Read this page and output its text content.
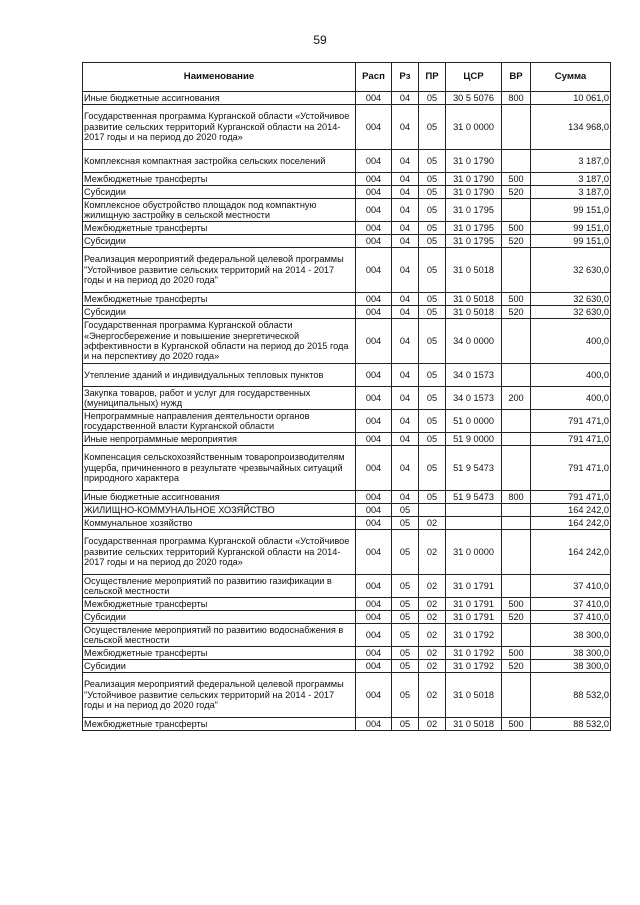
59
Наименование	Расп	Рз	ПР	ЦСР	ВР	Сумма
Иные бюджетные ассигнования	004	04	05	30 5 5076	800	10 061,0
Государственная программа Курганской области «Устойчивое развитие сельских территорий Курганской области на 2014-2017 годы и на период до 2020 года»	004	04	05	31 0 0000		134 968,0
Комплексная компактная застройка сельских поселений	004	04	05	31 0 1790		3 187,0
Межбюджетные трансферты	004	04	05	31 0 1790	500	3 187,0
Субсидии	004	04	05	31 0 1790	520	3 187,0
Комплексное обустройство площадок под компактную жилищную застройку в сельской местности	004	04	05	31 0 1795		99 151,0
Межбюджетные трансферты	004	04	05	31 0 1795	500	99 151,0
Субсидии	004	04	05	31 0 1795	520	99 151,0
Реализация мероприятий федеральной целевой программы "Устойчивое развитие сельских территорий на 2014 - 2017 годы и на период до 2020 года"	004	04	05	31 0 5018		32 630,0
Межбюджетные трансферты	004	04	05	31 0 5018	500	32 630,0
Субсидии	004	04	05	31 0 5018	520	32 630,0
Государственная программа Курганской области «Энергосбережение и повышение энергетической эффективности в Курганской области на период до 2015 года и на перспективу до 2020 года»	004	04	05	34 0 0000		400,0
Утепление зданий и индивидуальных тепловых пунктов	004	04	05	34 0 1573		400,0
Закупка товаров, работ и услуг для государственных (муниципальных) нужд	004	04	05	34 0 1573	200	400,0
Непрограммные направления деятельности органов государственной власти Курганской области	004	04	05	51 0 0000		791 471,0
Иные непрограммные мероприятия	004	04	05	51 9 0000		791 471,0
Компенсация сельскохозяйственным товаропроизводителям ущерба, причиненного в результате чрезвычайных ситуаций природного характера	004	04	05	51 9 5473		791 471,0
Иные бюджетные ассигнования	004	04	05	51 9 5473	800	791 471,0
ЖИЛИЩНО-КОММУНАЛЬНОЕ ХОЗЯЙСТВО	004	05				164 242,0
Коммунальное хозяйство	004	05	02			164 242,0
Государственная программа Курганской области «Устойчивое развитие сельских территорий Курганской области на 2014-2017 годы и на период до 2020 года»	004	05	02	31 0 0000		164 242,0
Осуществление мероприятий по развитию газификации в сельской местности	004	05	02	31 0 1791		37 410,0
Межбюджетные трансферты	004	05	02	31 0 1791	500	37 410,0
Субсидии	004	05	02	31 0 1791	520	37 410,0
Осуществление мероприятий по развитию водоснабжения в сельской местности	004	05	02	31 0 1792		38 300,0
Межбюджетные трансферты	004	05	02	31 0 1792	500	38 300,0
Субсидии	004	05	02	31 0 1792	520	38 300,0
Реализация мероприятий федеральной целевой программы "Устойчивое развитие сельских территорий на 2014 - 2017 годы и на период до 2020 года"	004	05	02	31 0 5018		88 532,0
Межбюджетные трансферты	004	05	02	31 0 5018	500	88 532,0
